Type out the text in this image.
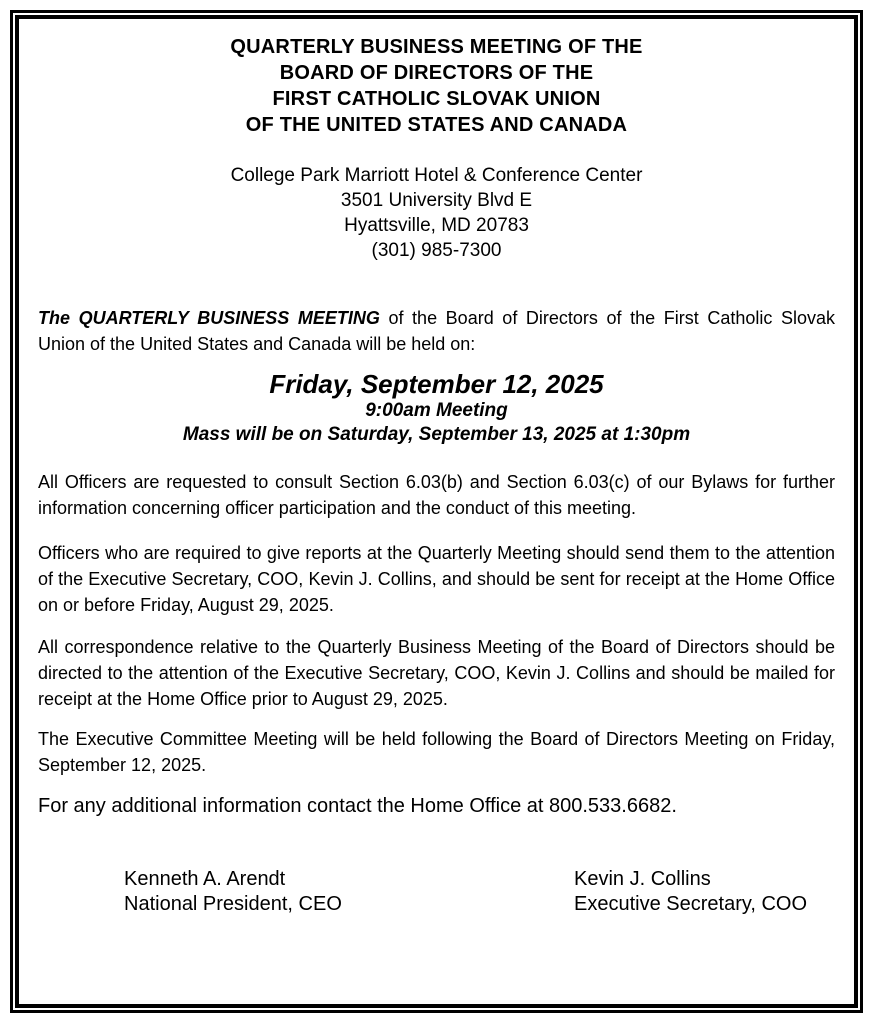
QUARTERLY BUSINESS MEETING OF THE
BOARD OF DIRECTORS OF THE
FIRST CATHOLIC SLOVAK UNION
OF THE UNITED STATES AND CANADA
College Park Marriott Hotel & Conference Center
3501 University Blvd E
Hyattsville, MD 20783
(301) 985-7300

The QUARTERLY BUSINESS MEETING of the Board of Directors of the First Catholic Slovak Union of the United States and Canada will be held on:

Friday, September 12, 2025
9:00am Meeting
Mass will be on Saturday, September 13, 2025 at 1:30pm

All Officers are requested to consult Section 6.03(b) and Section 6.03(c) of our Bylaws for further information concerning officer participation and the conduct of this meeting.

Officers who are required to give reports at the Quarterly Meeting should send them to the attention of the Executive Secretary, COO, Kevin J. Collins, and should be sent for receipt at the Home Office on or before Friday, August 29, 2025.

All correspondence relative to the Quarterly Business Meeting of the Board of Directors should be directed to the attention of the Executive Secretary, COO, Kevin J. Collins and should be mailed for receipt at the Home Office prior to August 29, 2025.

The Executive Committee Meeting will be held following the Board of Directors Meeting on Friday, September 12, 2025.

For any additional information contact the Home Office at 800.533.6682.

Kenneth A. Arendt
National President, CEO
Kevin J. Collins
Executive Secretary, COO
